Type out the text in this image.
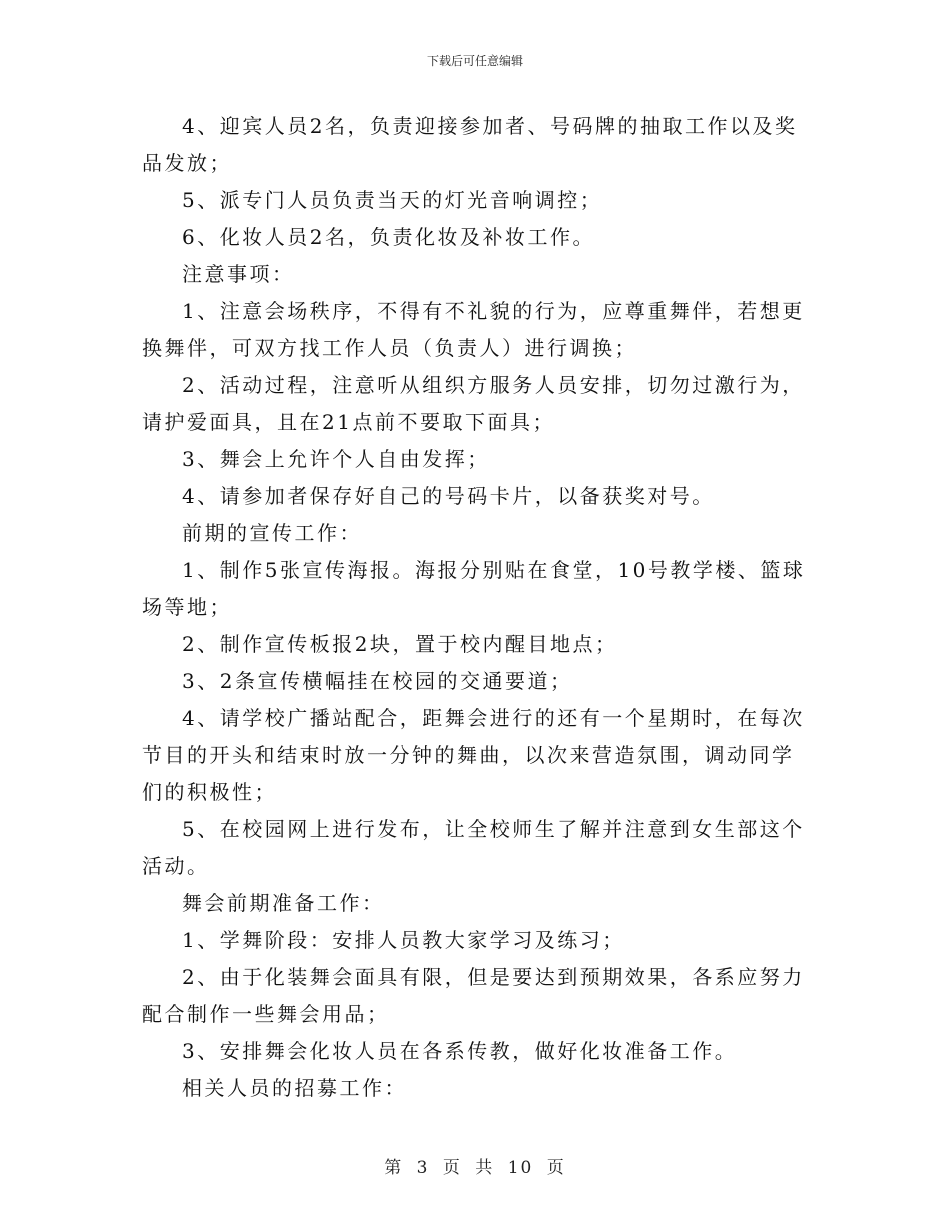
下载后可任意编辑

4、迎宾人员2名，负责迎接参加者、号码牌的抽取工作以及奖品发放；

5、派专门人员负责当天的灯光音响调控；

6、化妆人员2名，负责化妆及补妆工作。

注意事项：

1、注意会场秩序，不得有不礼貌的行为，应尊重舞伴，若想更换舞伴，可双方找工作人员（负责人）进行调换；

2、活动过程，注意听从组织方服务人员安排，切勿过激行为，请护爱面具，且在21点前不要取下面具；

3、舞会上允许个人自由发挥；

4、请参加者保存好自己的号码卡片，以备获奖对号。

前期的宣传工作：

1、制作5张宣传海报。海报分别贴在食堂，10号教学楼、篮球场等地；

2、制作宣传板报2块，置于校内醒目地点；

3、2条宣传横幅挂在校园的交通要道；

4、请学校广播站配合，距舞会进行的还有一个星期时，在每次节目的开头和结束时放一分钟的舞曲，以次来营造氛围，调动同学们的积极性；

5、在校园网上进行发布，让全校师生了解并注意到女生部这个活动。

舞会前期准备工作：

1、学舞阶段：安排人员教大家学习及练习；

2、由于化装舞会面具有限，但是要达到预期效果，各系应努力配合制作一些舞会用品；

3、安排舞会化妆人员在各系传教，做好化妆准备工作。

相关人员的招募工作：

第 3 页 共 10 页
